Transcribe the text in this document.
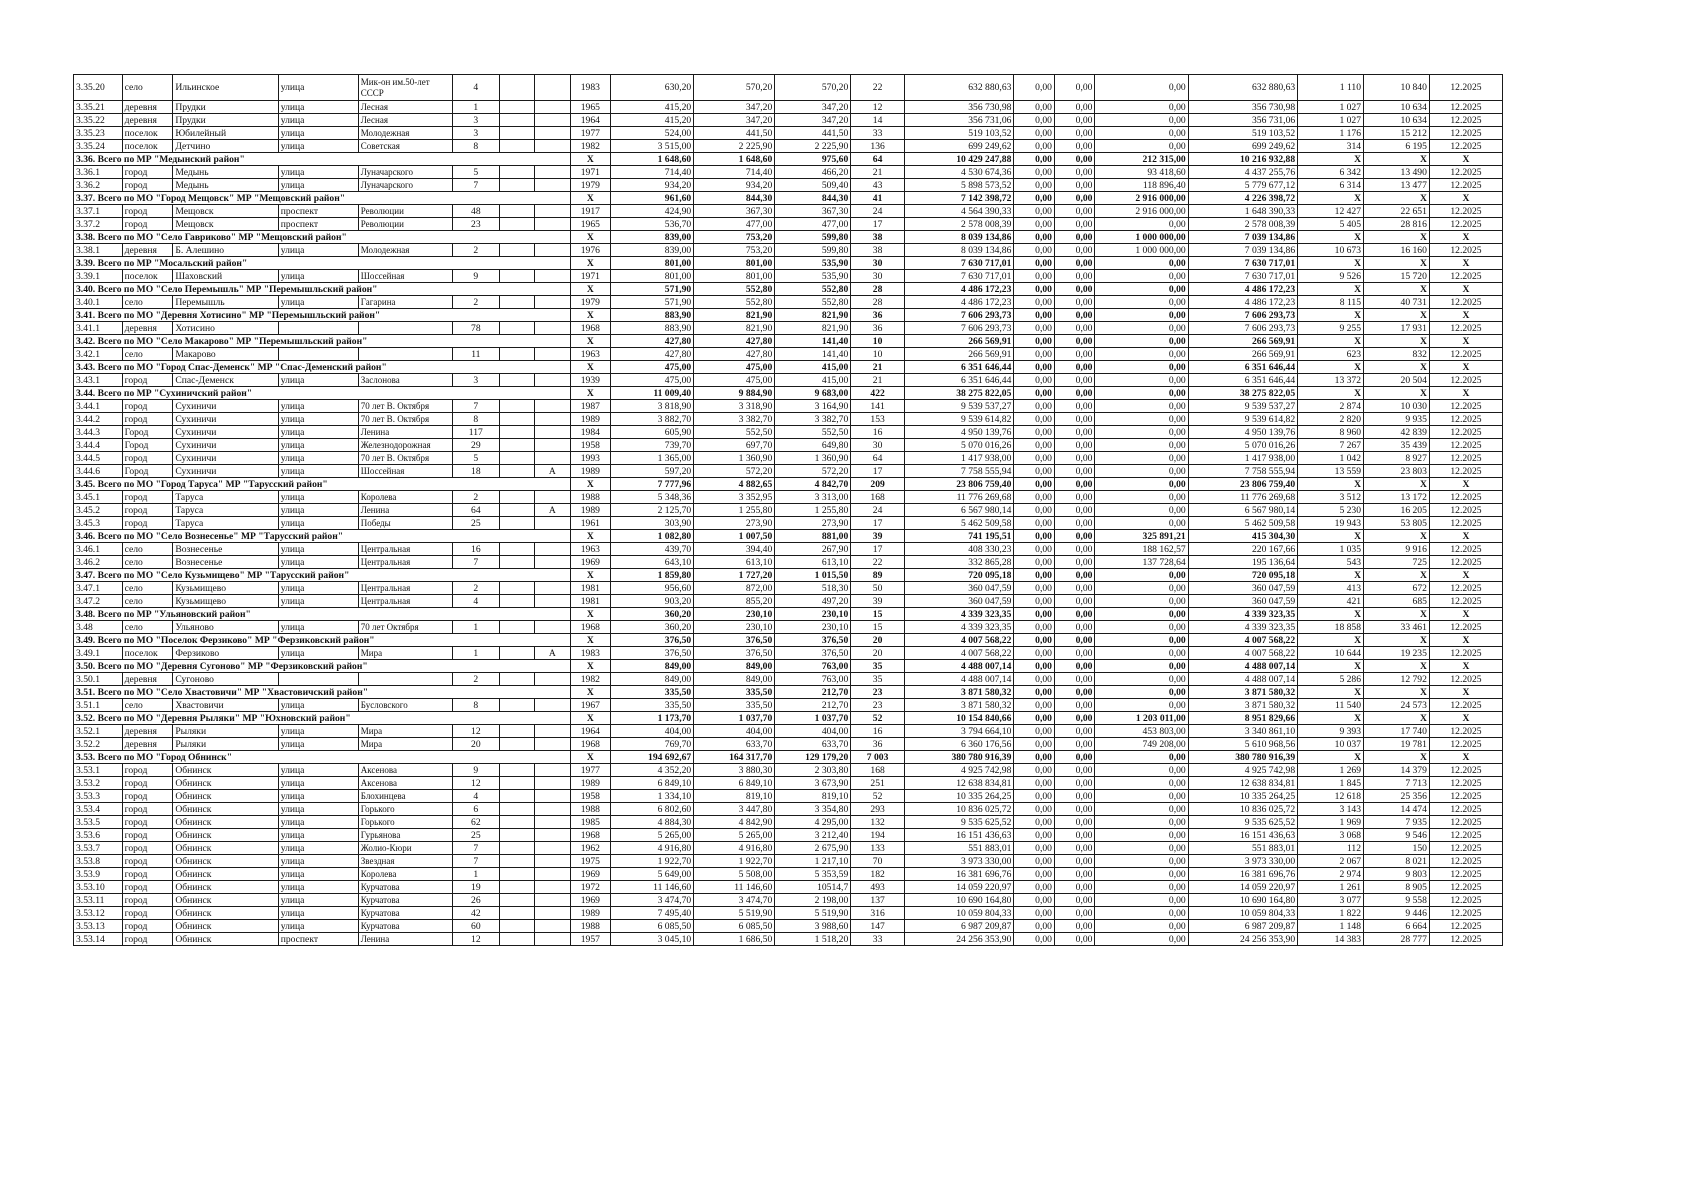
3.35.20	село	Ильинское	улица	Мик-он им.50-лет СССР	4			1983	630,20	570,20	570,20	22	632 880,63	0,00	0,00	0,00	632 880,63	1 110	10 840	12.2025
3.35.21	деревня	Прудки	улица	Лесная	1			1965	415,20	347,20	347,20	12	356 730,98	0,00	0,00	0,00	356 730,98	1 027	10 634	12.2025
3.35.22	деревня	Прудки	улица	Лесная	3			1964	415,20	347,20	347,20	14	356 731,06	0,00	0,00	0,00	356 731,06	1 027	10 634	12.2025
3.35.23	поселок	Юбилейный	улица	Молодежная	3			1977	524,00	441,50	441,50	33	519 103,52	0,00	0,00	0,00	519 103,52	1 176	15 212	12.2025
3.35.24	поселок	Детчино	улица	Советская	8			1982	3 515,00	2 225,90	2 225,90	136	699 249,62	0,00	0,00	0,00	699 249,62	314	6 195	12.2025
3.36. Всего по МР "Медынский район"								X	1 648,60	1 648,60	975,60	64	10 429 247,88	0,00	0,00	212 315,00	10 216 932,88	X	X	X
3.36.1	город	Медынь	улица	Луначарского	5			1971	714,40	714,40	466,20	21	4 530 674,36	0,00	0,00	93 418,60	4 437 255,76	6 342	13 490	12.2025
3.36.2	город	Медынь	улица	Луначарского	7			1979	934,20	934,20	509,40	43	5 898 573,52	0,00	0,00	118 896,40	5 779 677,12	6 314	13 477	12.2025
3.37. Всего по МО "Город Мещовск" МР "Мещовский район"								X	961,60	844,30	844,30	41	7 142 398,72	0,00	0,00	2 916 000,00	4 226 398,72	X	X	X
3.37.1	город	Мещовск	проспект	Революции	48			1917	424,90	367,30	367,30	24	4 564 390,33	0,00	0,00	2 916 000,00	1 648 390,33	12 427	22 651	12.2025
3.37.2	город	Мещовск	проспект	Революции	23			1965	536,70	477,00	477,00	17	2 578 008,39	0,00	0,00	0,00	2 578 008,39	5 405	28 816	12.2025
3.38. Всего по МО "Село Гавриково" МР "Мещовский район"								X	839,00	753,20	599,80	38	8 039 134,86	0,00	0,00	1 000 000,00	7 039 134,86	X	X	X
3.38.1	деревня	Б. Алешино	улица	Молодежная	2			1976	839,00	753,20	599,80	38	8 039 134,86	0,00	0,00	1 000 000,00	7 039 134,86	10 673	16 160	12.2025
3.39. Всего по МР "Мосальский район"								X	801,00	801,00	535,90	30	7 630 717,01	0,00	0,00	0,00	7 630 717,01	X	X	X
3.39.1	поселок	Шаховский	улица	Шоссейная	9			1971	801,00	801,00	535,90	30	7 630 717,01	0,00	0,00	0,00	7 630 717,01	9 526	15 720	12.2025
3.40. Всего по МО "Село Перемышль" МР "Перемышльский район"								X	571,90	552,80	552,80	28	4 486 172,23	0,00	0,00	0,00	4 486 172,23	X	X	X
3.40.1	село	Перемышль	улица	Гагарина	2			1979	571,90	552,80	552,80	28	4 486 172,23	0,00	0,00	0,00	4 486 172,23	8 115	40 731	12.2025
3.41. Всего по МО "Деревня Хотисино" МР "Перемышльский район"								X	883,90	821,90	821,90	36	7 606 293,73	0,00	0,00	0,00	7 606 293,73	X	X	X
3.41.1	деревня	Хотисино			78			1968	883,90	821,90	821,90	36	7 606 293,73	0,00	0,00	0,00	7 606 293,73	9 255	17 931	12.2025
3.42. Всего по МО "Село Макарово" МР "Перемышльский район"								X	427,80	427,80	141,40	10	266 569,91	0,00	0,00	0,00	266 569,91	X	X	X
3.42.1	село	Макарово			11			1963	427,80	427,80	141,40	10	266 569,91	0,00	0,00	0,00	266 569,91	623	832	12.2025
3.43. Всего по МО "Город Спас-Деменск" МР "Спас-Деменский район"								X	475,00	475,00	415,00	21	6 351 646,44	0,00	0,00	0,00	6 351 646,44	X	X	X
3.43.1	город	Спас-Деменск	улица	Заслонова	3			1939	475,00	475,00	415,00	21	6 351 646,44	0,00	0,00	0,00	6 351 646,44	13 372	20 504	12.2025
3.44. Всего по МР "Сухиничский район"								X	11 009,40	9 884,90	9 683,00	422	38 275 822,05	0,00	0,00	0,00	38 275 822,05	X	X	X
3.44.1	город	Сухиничи	улица	70 лет В. Октября	7			1987	3 818,90	3 318,90	3 164,90	141	9 539 537,27	0,00	0,00	0,00	9 539 537,27	2 874	10 030	12.2025
3.44.2	город	Сухиничи	улица	70 лет В. Октября	8			1989	3 882,70	3 382,70	3 382,70	153	9 539 614,82	0,00	0,00	0,00	9 539 614,82	2 820	9 935	12.2025
3.44.3	Город	Сухиничи	улица	Ленина	117			1984	605,90	552,50	552,50	16	4 950 139,76	0,00	0,00	0,00	4 950 139,76	8 960	42 839	12.2025
3.44.4	Город	Сухиничи	улица	Железнодорожная	29			1958	739,70	697,70	649,80	30	5 070 016,26	0,00	0,00	0,00	5 070 016,26	7 267	35 439	12.2025
3.44.5	город	Сухиничи	улица	70 лет В. Октября	5			1993	1 365,00	1 360,90	1 360,90	64	1 417 938,00	0,00	0,00	0,00	1 417 938,00	1 042	8 927	12.2025
3.44.6	Город	Сухиничи	улица	Шоссейная	18		А	1989	597,20	572,20	572,20	17	7 758 555,94	0,00	0,00	0,00	7 758 555,94	13 559	23 803	12.2025
3.45. Всего по МО "Город Таруса" МР "Тарусский район"								X	7 777,96	4 882,65	4 842,70	209	23 806 759,40	0,00	0,00	0,00	23 806 759,40	X	X	X
3.45.1	город	Таруса	улица	Королева	2			1988	5 348,36	3 352,95	3 313,00	168	11 776 269,68	0,00	0,00	0,00	11 776 269,68	3 512	13 172	12.2025
3.45.2	город	Таруса	улица	Ленина	64		А	1989	2 125,70	1 255,80	1 255,80	24	6 567 980,14	0,00	0,00	0,00	6 567 980,14	5 230	16 205	12.2025
3.45.3	город	Таруса	улица	Победы	25			1961	303,90	273,90	273,90	17	5 462 509,58	0,00	0,00	0,00	5 462 509,58	19 943	53 805	12.2025
3.46. Всего по МО "Село Вознесенье" МР "Тарусский район"								X	1 082,80	1 007,50	881,00	39	741 195,51	0,00	0,00	325 891,21	415 304,30	X	X	X
3.46.1	село	Вознесенье	улица	Центральная	16			1963	439,70	394,40	267,90	17	408 330,23	0,00	0,00	188 162,57	220 167,66	1 035	9 916	12.2025
3.46.2	село	Вознесенье	улица	Центральная	7			1969	643,10	613,10	613,10	22	332 865,28	0,00	0,00	137 728,64	195 136,64	543	725	12.2025
3.47. Всего по МО "Село Кузьмищево" МР "Тарусский район"								X	1 859,80	1 727,20	1 015,50	89	720 095,18	0,00	0,00	0,00	720 095,18	X	X	X
3.47.1	село	Кузьмищево	улица	Центральная	2			1981	956,60	872,00	518,30	50	360 047,59	0,00	0,00	0,00	360 047,59	413	672	12.2025
3.47.2	село	Кузьмищево	улица	Центральная	4			1981	903,20	855,20	497,20	39	360 047,59	0,00	0,00	0,00	360 047,59	421	685	12.2025
3.48. Всего по МР "Ульяновский район"								X	360,20	230,10	230,10	15	4 339 323,35	0,00	0,00	0,00	4 339 323,35	X	X	X
3.48	село	Ульяново	улица	70 лет Октября	1			1968	360,20	230,10	230,10	15	4 339 323,35	0,00	0,00	0,00	4 339 323,35	18 858	33 461	12.2025
3.49. Всего по МО "Поселок Ферзиково" МР "Ферзиковский район"								X	376,50	376,50	376,50	20	4 007 568,22	0,00	0,00	0,00	4 007 568,22	X	X	X
3.49.1	поселок	Ферзиково	улица	Мира	1		А	1983	376,50	376,50	376,50	20	4 007 568,22	0,00	0,00	0,00	4 007 568,22	10 644	19 235	12.2025
3.50. Всего по МО "Деревня Сугоново" МР "Ферзиковский район"								X	849,00	849,00	763,00	35	4 488 007,14	0,00	0,00	0,00	4 488 007,14	X	X	X
3.50.1	деревня	Сугоново			2			1982	849,00	849,00	763,00	35	4 488 007,14	0,00	0,00	0,00	4 488 007,14	5 286	12 792	12.2025
3.51. Всего по МО "Село Хвастовичи" МР "Хвастовичский район"								X	335,50	335,50	212,70	23	3 871 580,32	0,00	0,00	0,00	3 871 580,32	X	X	X
3.51.1	село	Хвастовичи	улица	Бусловского	8			1967	335,50	335,50	212,70	23	3 871 580,32	0,00	0,00	0,00	3 871 580,32	11 540	24 573	12.2025
3.52. Всего по МО "Деревня Рыляки" МР "Юхновский район"								X	1 173,70	1 037,70	1 037,70	52	10 154 840,66	0,00	0,00	1 203 011,00	8 951 829,66	X	X	X
3.52.1	деревня	Рыляки	улица	Мира	12			1964	404,00	404,00	404,00	16	3 794 664,10	0,00	0,00	453 803,00	3 340 861,10	9 393	17 740	12.2025
3.52.2	деревня	Рыляки	улица	Мира	20			1968	769,70	633,70	633,70	36	6 360 176,56	0,00	0,00	749 208,00	5 610 968,56	10 037	19 781	12.2025
3.53. Всего по МО "Город Обнинск"								X	194 692,67	164 317,70	129 179,20	7 003	380 780 916,39	0,00	0,00	0,00	380 780 916,39	X	X	X
3.53.1	город	Обнинск	улица	Аксенова	9			1977	4 352,20	3 880,30	2 303,80	168	4 925 742,98	0,00	0,00	0,00	4 925 742,98	1 269	14 379	12.2025
3.53.2	город	Обнинск	улица	Аксенова	12			1989	6 849,10	6 849,10	3 673,90	251	12 638 834,81	0,00	0,00	0,00	12 638 834,81	1 845	7 713	12.2025
3.53.3	город	Обнинск	улица	Блохинцева	4			1958	1 334,10	819,10	819,10	52	10 335 264,25	0,00	0,00	0,00	10 335 264,25	12 618	25 356	12.2025
3.53.4	город	Обнинск	улица	Горького	6			1988	6 802,60	3 447,80	3 354,80	293	10 836 025,72	0,00	0,00	0,00	10 836 025,72	3 143	14 474	12.2025
3.53.5	город	Обнинск	улица	Горького	62			1985	4 884,30	4 842,90	4 295,00	132	9 535 625,52	0,00	0,00	0,00	9 535 625,52	1 969	7 935	12.2025
3.53.6	город	Обнинск	улица	Гурьянова	25			1968	5 265,00	5 265,00	3 212,40	194	16 151 436,63	0,00	0,00	0,00	16 151 436,63	3 068	9 546	12.2025
3.53.7	город	Обнинск	улица	Жолио-Кюри	7			1962	4 916,80	4 916,80	2 675,90	133	551 883,01	0,00	0,00	0,00	551 883,01	112	150	12.2025
3.53.8	город	Обнинск	улица	Звездная	7			1975	1 922,70	1 922,70	1 217,10	70	3 973 330,00	0,00	0,00	0,00	3 973 330,00	2 067	8 021	12.2025
3.53.9	город	Обнинск	улица	Королева	1			1969	5 649,00	5 508,00	5 353,59	182	16 381 696,76	0,00	0,00	0,00	16 381 696,76	2 974	9 803	12.2025
3.53.10	город	Обнинск	улица	Курчатова	19			1972	11 146,60	11 146,60	10514,7	493	14 059 220,97	0,00	0,00	0,00	14 059 220,97	1 261	8 905	12.2025
3.53.11	город	Обнинск	улица	Курчатова	26			1969	3 474,70	3 474,70	2 198,00	137	10 690 164,80	0,00	0,00	0,00	10 690 164,80	3 077	9 558	12.2025
3.53.12	город	Обнинск	улица	Курчатова	42			1989	7 495,40	5 519,90	5 519,90	316	10 059 804,33	0,00	0,00	0,00	10 059 804,33	1 822	9 446	12.2025
3.53.13	город	Обнинск	улица	Курчатова	60			1988	6 085,50	6 085,50	3 988,60	147	6 987 209,87	0,00	0,00	0,00	6 987 209,87	1 148	6 664	12.2025
3.53.14	город	Обнинск	проспект	Ленина	12			1957	3 045,10	1 686,50	1 518,20	33	24 256 353,90	0,00	0,00	0,00	24 256 353,90	14 383	28 777	12.2025
